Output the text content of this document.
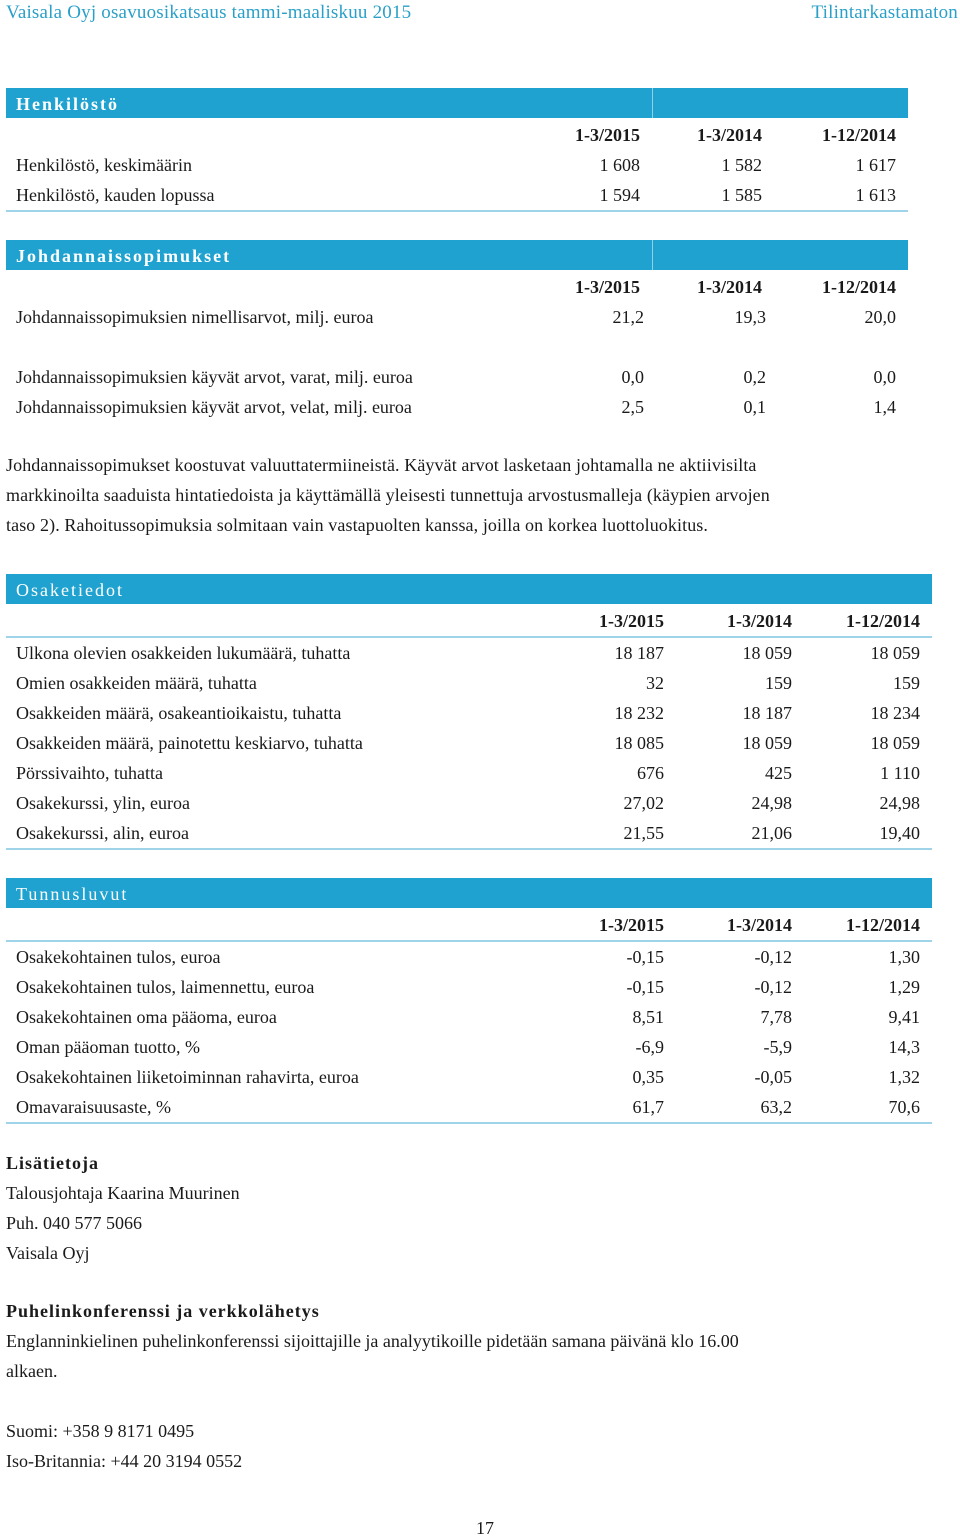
Vaisala Oyj osavuosikatsaus tammi-maaliskuu 2015	Tilintarkastamaton
Henkilöstö
1-3/2015	1-3/2014	1-12/2014
Henkilöstö, keskimäärin	1 608	1 582	1 617
Henkilöstö, kauden lopussa	1 594	1 585	1 613
Johdannaissopimukset
1-3/2015	1-3/2014	1-12/2014
Johdannaissopimuksien nimellisarvot, milj. euroa	21,2	19,3	20,0
Johdannaissopimuksien käyvät arvot, varat, milj. euroa	0,0	0,2	0,0
Johdannaissopimuksien käyvät arvot, velat, milj. euroa	2,5	0,1	1,4
Johdannaissopimukset koostuvat valuuttatermiineistä. Käyvät arvot lasketaan johtamalla ne aktiivisilta
markkinoilta saaduista hintatiedoista ja käyttämällä yleisesti tunnettuja arvostusmalleja (käypien arvojen
taso 2). Rahoitussopimuksia solmitaan vain vastapuolten kanssa, joilla on korkea luottoluokitus.
Osaketiedot
1-3/2015	1-3/2014	1-12/2014
Ulkona olevien osakkeiden lukumäärä, tuhatta	18 187	18 059	18 059
Omien osakkeiden määrä, tuhatta	32	159	159
Osakkeiden määrä, osakeantioikaistu, tuhatta	18 232	18 187	18 234
Osakkeiden määrä, painotettu keskiarvo, tuhatta	18 085	18 059	18 059
Pörssivaihto, tuhatta	676	425	1 110
Osakekurssi, ylin, euroa	27,02	24,98	24,98
Osakekurssi, alin, euroa	21,55	21,06	19,40
Tunnusluvut
1-3/2015	1-3/2014	1-12/2014
Osakekohtainen tulos, euroa	-0,15	-0,12	1,30
Osakekohtainen tulos, laimennettu, euroa	-0,15	-0,12	1,29
Osakekohtainen oma pääoma, euroa	8,51	7,78	9,41
Oman pääoman tuotto, %	-6,9	-5,9	14,3
Osakekohtainen liiketoiminnan rahavirta, euroa	0,35	-0,05	1,32
Omavaraisuusaste, %	61,7	63,2	70,6
Lisätietoja
Talousjohtaja Kaarina Muurinen
Puh. 040 577 5066
Vaisala Oyj
Puhelinkonferenssi ja verkkolähetys
Englanninkielinen puhelinkonferenssi sijoittajille ja analyytikoille pidetään samana päivänä klo 16.00
alkaen.
Suomi: +358 9 8171 0495
Iso-Britannia: +44 20 3194 0552
17
